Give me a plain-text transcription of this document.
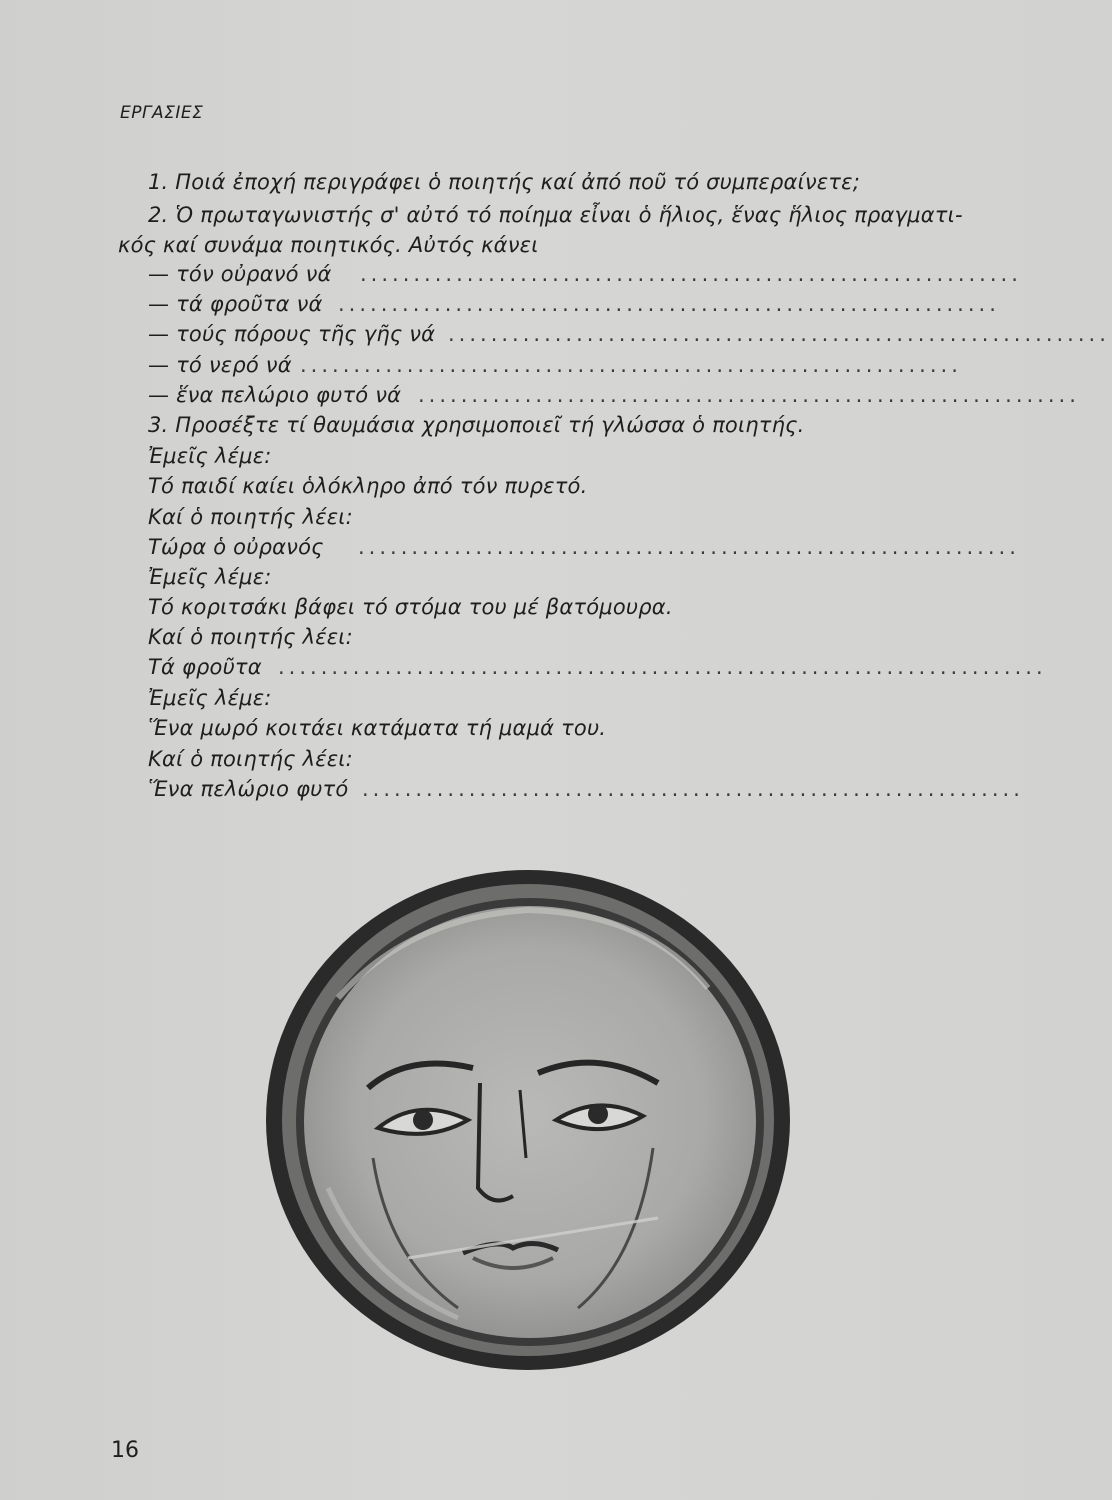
ΕΡΓΑΣΙΕΣ
1. Ποιά ἐποχή περιγράφει ὁ ποιητής καί ἀπό ποῦ τό συμπεραίνετε;
2. Ὁ πρωταγωνιστής σ' αὐτό τό ποίημα εἶναι ὁ ἥλιος, ἕνας ἥλιος πραγματι-
κός καί συνάμα ποιητικός. Αὐτός κάνει
— τόν οὐρανό νά ..............................................................
— τά φροῦτα νά ..............................................................
— τούς πόρους τῆς γῆς νά ..............................................................
— τό νερό νά ..............................................................
— ἕνα πελώριο φυτό νά ..............................................................
3. Προσέξτε τί θαυμάσια χρησιμοποιεῖ τή γλώσσα ὁ ποιητής.
Ἐμεῖς λέμε:
Τό παιδί καίει ὁλόκληρο ἀπό τόν πυρετό.
Καί ὁ ποιητής λέει:
Τώρα ὁ οὐρανός ..............................................................
Ἐμεῖς λέμε:
Τό κοριτσάκι βάφει τό στόμα του μέ βατόμουρα.
Καί ὁ ποιητής λέει:
Τά φροῦτα ........................................................................
Ἐμεῖς λέμε:
Ἕνα μωρό κοιτάει κατάματα τή μαμά του.
Καί ὁ ποιητής λέει:
Ἕνα πελώριο φυτό ..............................................................
16
